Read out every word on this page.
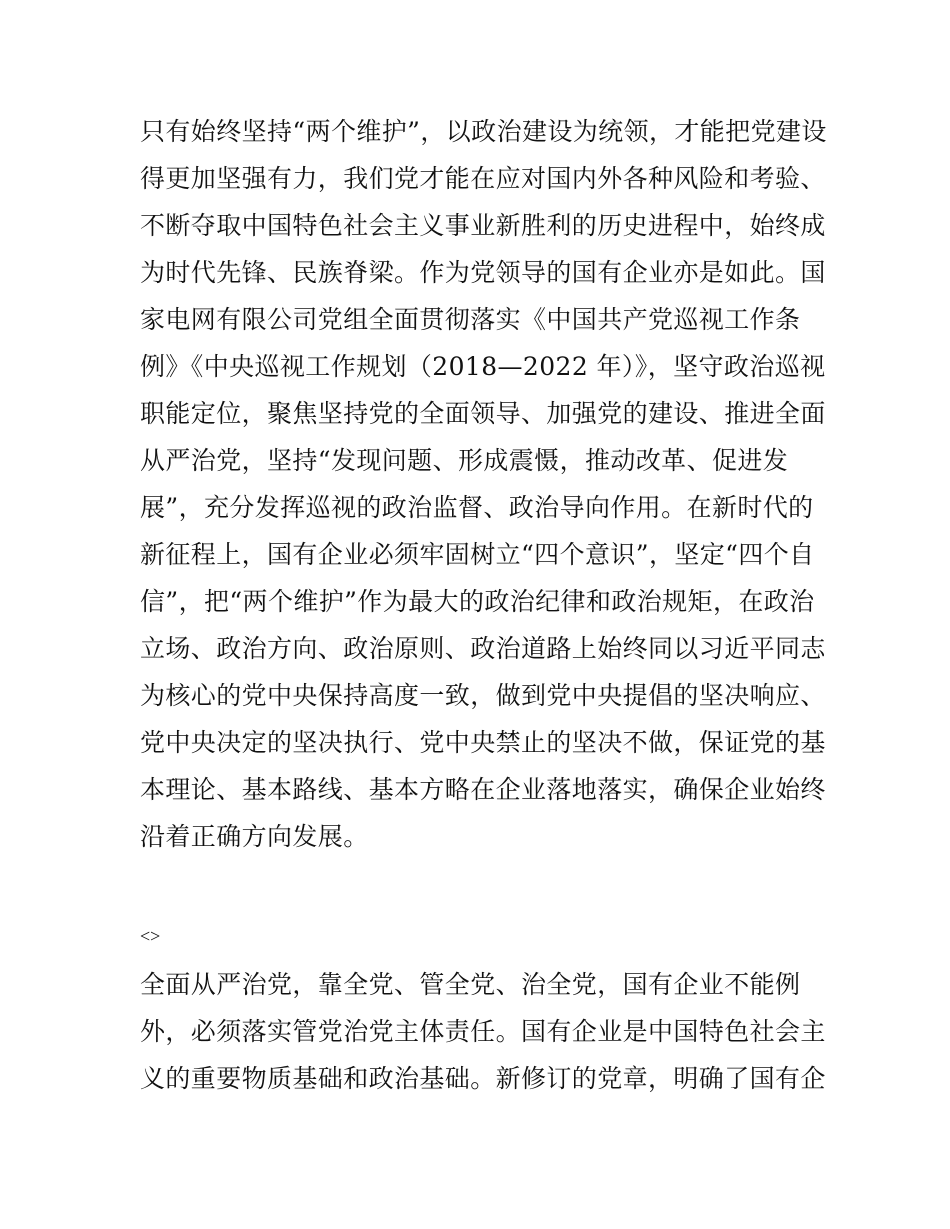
只有始终坚持“两个维护”，以政治建设为统领，才能把党建设
得更加坚强有力，我们党才能在应对国内外各种风险和考验、
不断夺取中国特色社会主义事业新胜利的历史进程中，始终成
为时代先锋、民族脊梁。作为党领导的国有企业亦是如此。国
家电网有限公司党组全面贯彻落实《中国共产党巡视工作条
例》《中央巡视工作规划（2018—2022 年）》，坚守政治巡视
职能定位，聚焦坚持党的全面领导、加强党的建设、推进全面
从严治党，坚持“发现问题、形成震慑，推动改革、促进发
展”，充分发挥巡视的政治监督、政治导向作用。在新时代的
新征程上，国有企业必须牢固树立“四个意识”，坚定“四个自
信”，把“两个维护”作为最大的政治纪律和政治规矩，在政治
立场、政治方向、政治原则、政治道路上始终同以习近平同志
为核心的党中央保持高度一致，做到党中央提倡的坚决响应、
党中央决定的坚决执行、党中央禁止的坚决不做，保证党的基
本理论、基本路线、基本方略在企业落地落实，确保企业始终
沿着正确方向发展。

<>

全面从严治党，靠全党、管全党、治全党，国有企业不能例
外，必须落实管党治党主体责任。国有企业是中国特色社会主
义的重要物质基础和政治基础。新修订的党章，明确了国有企
